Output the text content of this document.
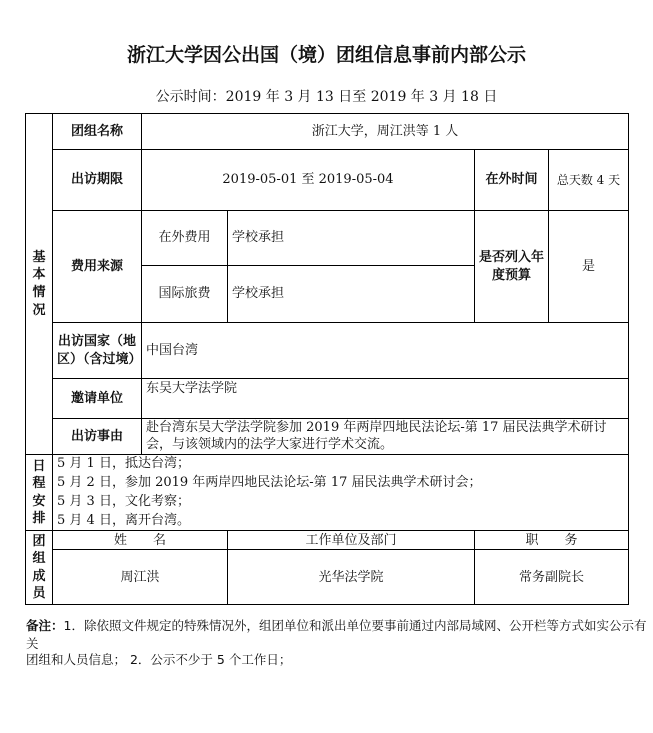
浙江大学因公出国（境）团组信息事前内部公示
公示时间：2019 年 3 月 13 日至 2019 年 3 月 18 日
基
本
情
况	团组名称	浙江大学，周江洪等 1 人			
	出访期限	2019-05-01 至 2019-05-04		在外时间	总天数 4 天
	费用来源	在外费用	学校承担	是否列入年度预算	是
		国际旅费	学校承担		
	出访国家（地区）（含过境）	中国台湾			
	邀请单位	东吴大学法学院			
	出访事由	赴台湾东吴大学法学院参加 2019 年两岸四地民法论坛-第 17 届民法典学术研讨会，与该领域内的法学大家进行学术交流。			

日
程
安
排	5 月 1 日，抵达台湾；
5 月 2 日，参加 2019 年两岸四地民法论坛-第 17 届民法典学术研讨会；
5 月 3 日，文化考察；
5 月 4 日，离开台湾。				

团
组
成
员	姓　　名		工作单位及部门	职　　务	
	周江洪		光华法学院	常务副院长	
备注：1．除依照文件规定的特殊情况外，组团单位和派出单位要事前通过内部局域网、公开栏等方式如实公示有关
团组和人员信息； 2．公示不少于 5 个工作日；
